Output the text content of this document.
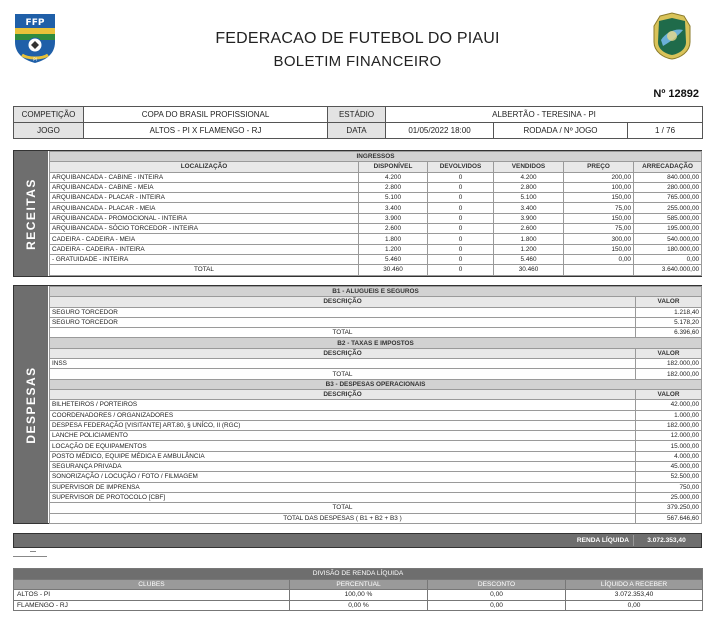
FFP
PI
FEDERACAO DE FUTEBOL DO PIAUI
BOLETIM FINANCEIRO
Nº 12892
COMPETIÇÃO	COPA DO BRASIL PROFISSIONAL	ESTÁDIO	ALBERTÃO - TERESINA - PI		
JOGO	ALTOS - PI X FLAMENGO - RJ	DATA	01/05/2022 18:00	RODADA / Nº JOGO	1 / 76
RECEITAS
INGRESSOS					
LOCALIZAÇÃO	DISPONÍVEL	DEVOLVIDOS	VENDIDOS	PREÇO	ARRECADAÇÃO
ARQUIBANCADA - CABINE - INTEIRA	4.200	0	4.200	200,00	840.000,00
ARQUIBANCADA - CABINE - MEIA	2.800	0	2.800	100,00	280.000,00
ARQUIBANCADA - PLACAR - INTEIRA	5.100	0	5.100	150,00	765.000,00
ARQUIBANCADA - PLACAR - MEIA	3.400	0	3.400	75,00	255.000,00
ARQUIBANCADA - PROMOCIONAL - INTEIRA	3.900	0	3.900	150,00	585.000,00
ARQUIBANCADA - SÓCIO TORCEDOR - INTEIRA	2.600	0	2.600	75,00	195.000,00
CADEIRA - CADEIRA - MEIA	1.800	0	1.800	300,00	540.000,00
CADEIRA - CADEIRA - INTEIRA	1.200	0	1.200	150,00	180.000,00
- GRATUIDADE - INTEIRA	5.460	0	5.460	0,00	0,00
TOTAL	30.460	0	30.460		3.640.000,00
DESPESAS
B1 - ALUGUEIS E SEGUROS	
DESCRIÇÃO	VALOR
SEGURO TORCEDOR	1.218,40
SEGURO TORCEDOR	5.178,20
TOTAL	6.396,60
B2 - TAXAS E IMPOSTOS	
DESCRIÇÃO	VALOR
INSS	182.000,00
TOTAL	182.000,00
B3 - DESPESAS OPERACIONAIS	
DESCRIÇÃO	VALOR
BILHETEIROS / PORTEIROS	42.000,00
COORDENADORES / ORGANIZADORES	1.000,00
DESPESA FEDERAÇÃO [VISITANTE] ART.80, § UNÍCO, II (RGC)	182.000,00
LANCHE POLICIAMENTO	12.000,00
LOCAÇÃO DE EQUIPAMENTOS	15.000,00
POSTO MÉDICO, EQUIPE MÉDICA E AMBULÂNCIA	4.000,00
SEGURANÇA PRIVADA	45.000,00
SONORIZAÇÃO / LOCUÇÃO / FOTO / FILMAGEM	52.500,00
SUPERVISOR DE IMPRENSA	750,00
SUPERVISOR DE PROTOCOLO [CBF]	25.000,00
TOTAL	379.250,00
TOTAL DAS DESPESAS ( B1 + B2 + B3 )	567.646,60
RENDA LÍQUIDA	3.072.353,40
DIVISÃO DE RENDA LÍQUIDA			
CLUBES	PERCENTUAL	DESCONTO	LÍQUIDO A RECEBER
ALTOS - PI	100,00 %	0,00	3.072.353,40
FLAMENGO - RJ	0,00 %	0,00	0,00
